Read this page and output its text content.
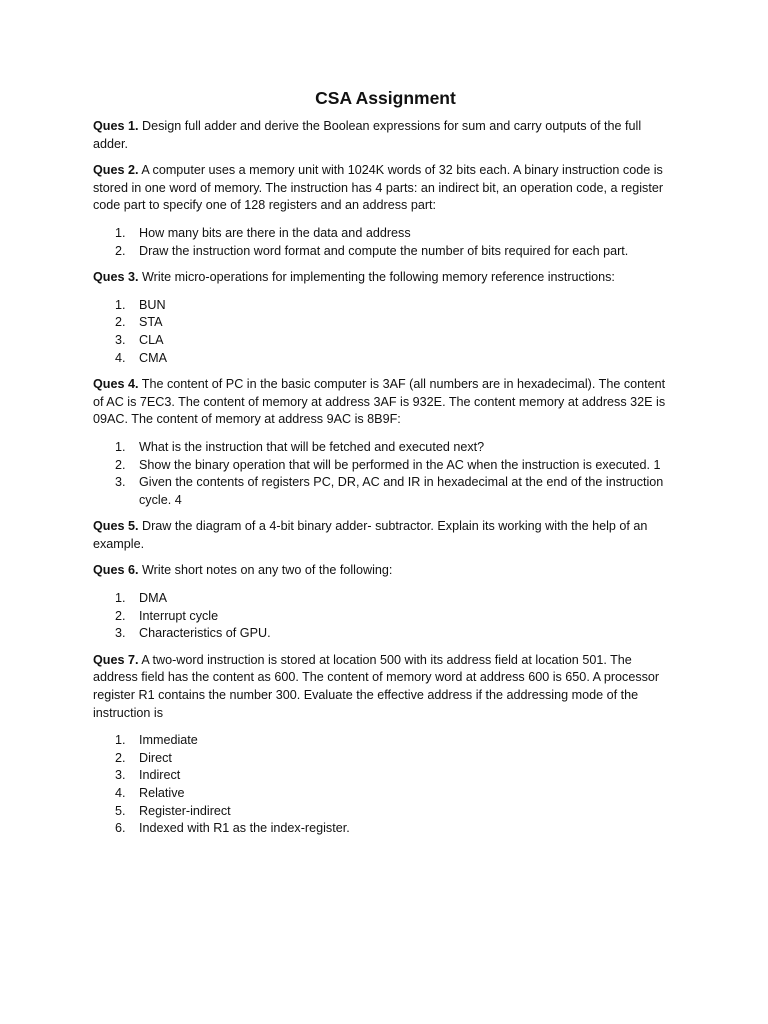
CSA Assignment

Ques 1. Design full adder and derive the Boolean expressions for sum and carry outputs of the full adder.

Ques 2. A computer uses a memory unit with 1024K words of 32 bits each. A binary instruction code is stored in one word of memory. The instruction has 4 parts: an indirect bit, an operation code, a register code part to specify one of 128 registers and an address part:

1. How many bits are there in the data and address
2. Draw the instruction word format and compute the number of bits required for each part.

Ques 3. Write micro-operations for implementing the following memory reference instructions:

1. BUN
2. STA
3. CLA
4. CMA

Ques 4. The content of PC in the basic computer is 3AF (all numbers are in hexadecimal). The content of AC is 7EC3. The content of memory at address 3AF is 932E. The content memory at address 32E is 09AC. The content of memory at address 9AC is 8B9F:

1. What is the instruction that will be fetched and executed next?
2. Show the binary operation that will be performed in the AC when the instruction is executed. 1
3. Given the contents of registers PC, DR, AC and IR in hexadecimal at the end of the instruction cycle. 4

Ques 5. Draw the diagram of a 4-bit binary adder- subtractor. Explain its working with the help of an example.

Ques 6. Write short notes on any two of the following:

1. DMA
2. Interrupt cycle
3. Characteristics of GPU.

Ques 7. A two-word instruction is stored at location 500 with its address field at location 501. The address field has the content as 600. The content of memory word at address 600 is 650. A processor register R1 contains the number 300. Evaluate the effective address if the addressing mode of the instruction is

1. Immediate
2. Direct
3. Indirect
4. Relative
5. Register-indirect
6. Indexed with R1 as the index-register.
